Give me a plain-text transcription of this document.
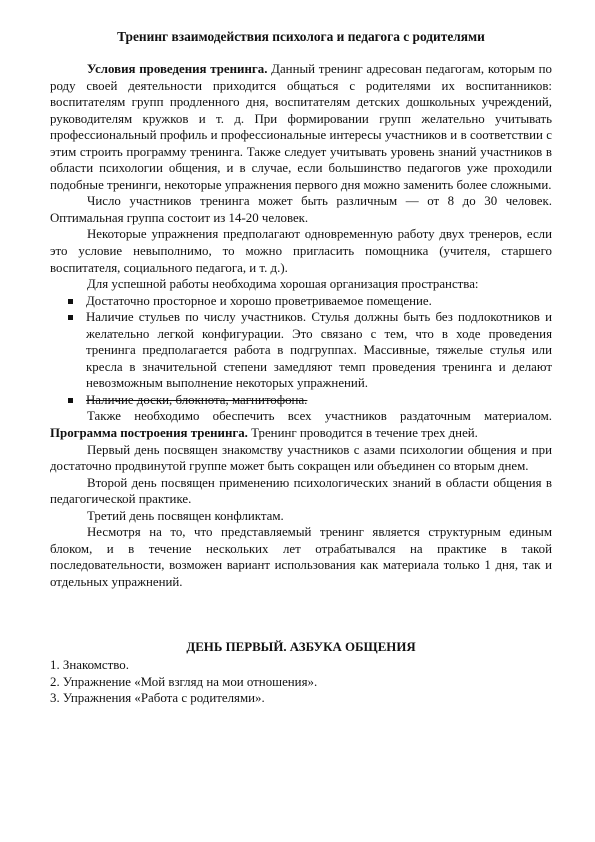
Тренинг взаимодействия психолога и педагога с родителями

Условия проведения тренинга. Данный тренинг адресован педагогам, которым по роду своей деятельности приходится общаться с родителями их воспитанников: воспитателям групп продленного дня, воспитателям детских дошкольных учреждений, руководителям кружков и т. д. При формировании групп желательно учитывать профессиональный профиль и профессиональные интересы участников и в соответствии с этим строить программу тренинга. Также следует учитывать уровень знаний участников в области психологии общения, и в случае, если большинство педагогов уже проходили подобные тренинги, некоторые упражнения первого дня можно заменить более сложными.

Число участников тренинга может быть различным — от 8 до 30 человек. Оптимальная группа состоит из 14-20 человек.

Некоторые упражнения предполагают одновременную работу двух тренеров, если это условие невыполнимо, то можно пригласить помощника (учителя, старшего воспитателя, социального педагога, и т. д.).

Для успешной работы необходима хорошая организация пространства:

Достаточно просторное и хорошо проветриваемое помещение.
Наличие стульев по числу участников. Стулья должны быть без подлокотников и желательно легкой конфигурации. Это связано с тем, что в ходе проведения тренинга предполагается работа в подгруппах. Массивные, тяжелые стулья или кресла в значительной степени замедляют темп проведения тренинга и делают невозможным выполнение некоторых упражнений.
Наличие доски, блокнота, магнитофона.

Также необходимо обеспечить всех участников раздаточным материалом. Программа построения тренинга. Тренинг проводится в течение трех дней.

Первый день посвящен знакомству участников с азами психологии общения и при достаточно продвинутой группе может быть сокращен или объединен со вторым днем.

Второй день посвящен применению психологических знаний в области общения в педагогической практике.

Третий день посвящен конфликтам.

Несмотря на то, что представляемый тренинг является структурным единым блоком, и в течение нескольких лет отрабатывался на практике в такой последовательности, возможен вариант использования как материала только 1 дня, так и отдельных упражнений.

ДЕНЬ ПЕРВЫЙ. АЗБУКА ОБЩЕНИЯ
1. Знакомство.
2. Упражнение «Мой взгляд на мои отношения».
3. Упражнения «Работа с родителями».
